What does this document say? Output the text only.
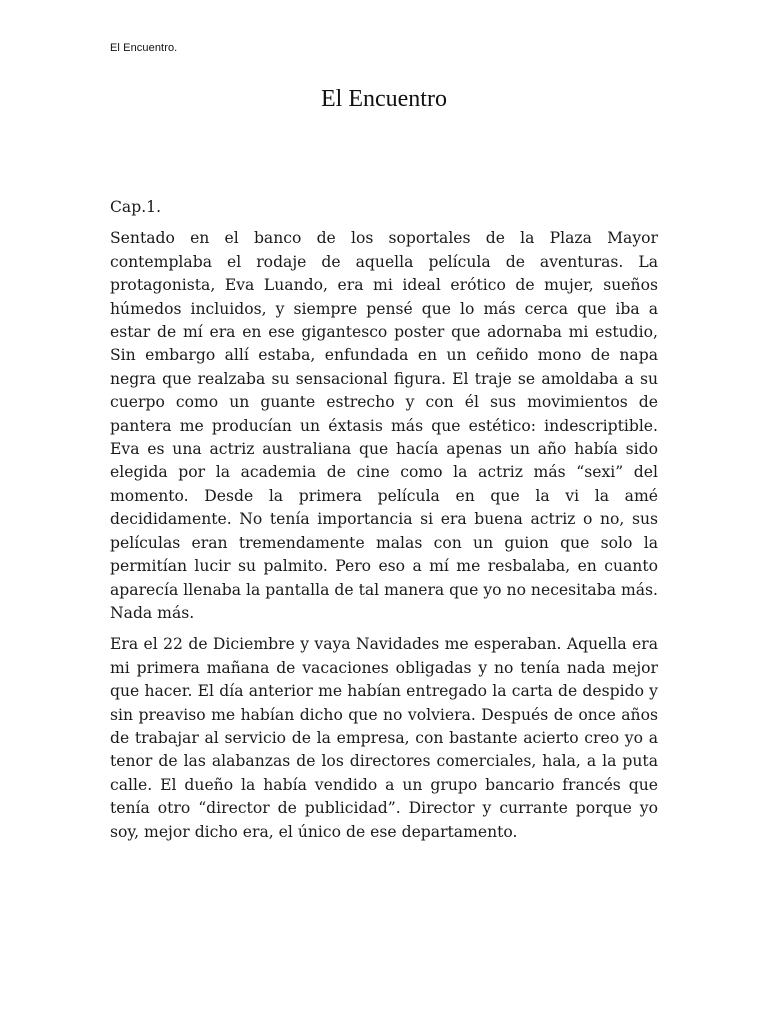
El Encuentro.
El Encuentro

Cap.1.

Sentado en el banco de los soportales de la Plaza Mayor contemplaba el rodaje de aquella película de aventuras. La protagonista, Eva Luando, era mi ideal erótico de mujer, sueños húmedos incluidos, y siempre pensé que lo más cerca que iba a estar de mí era en ese gigantesco poster que adornaba mi estudio, Sin embargo allí estaba, enfundada en un ceñido mono de napa negra que realzaba su sensacional figura. El traje se amoldaba a su cuerpo como un guante estrecho y con él sus movimientos de pantera me producían un éxtasis más que estético: indescriptible. Eva es una actriz australiana que hacía apenas un año había sido elegida por la academia de cine como la actriz más “sexi” del momento. Desde la primera película en que la vi la amé decididamente. No tenía importancia si era buena actriz o no, sus películas eran tremendamente malas con un guion que solo la permitían lucir su palmito. Pero eso a mí me resbalaba, en cuanto aparecía llenaba la pantalla de tal manera que yo no necesitaba más. Nada más.

Era el 22 de Diciembre y vaya Navidades me esperaban. Aquella era mi primera mañana de vacaciones obligadas y no tenía nada mejor que hacer. El día anterior me habían entregado la carta de despido y sin preaviso me habían dicho que no volviera. Después de once años de trabajar al servicio de la empresa, con bastante acierto creo yo a tenor de las alabanzas de los directores comerciales, hala, a la puta calle. El dueño la había vendido a un grupo bancario francés que tenía otro “director de publicidad”. Director y currante porque yo soy, mejor dicho era, el único de ese departamento.
